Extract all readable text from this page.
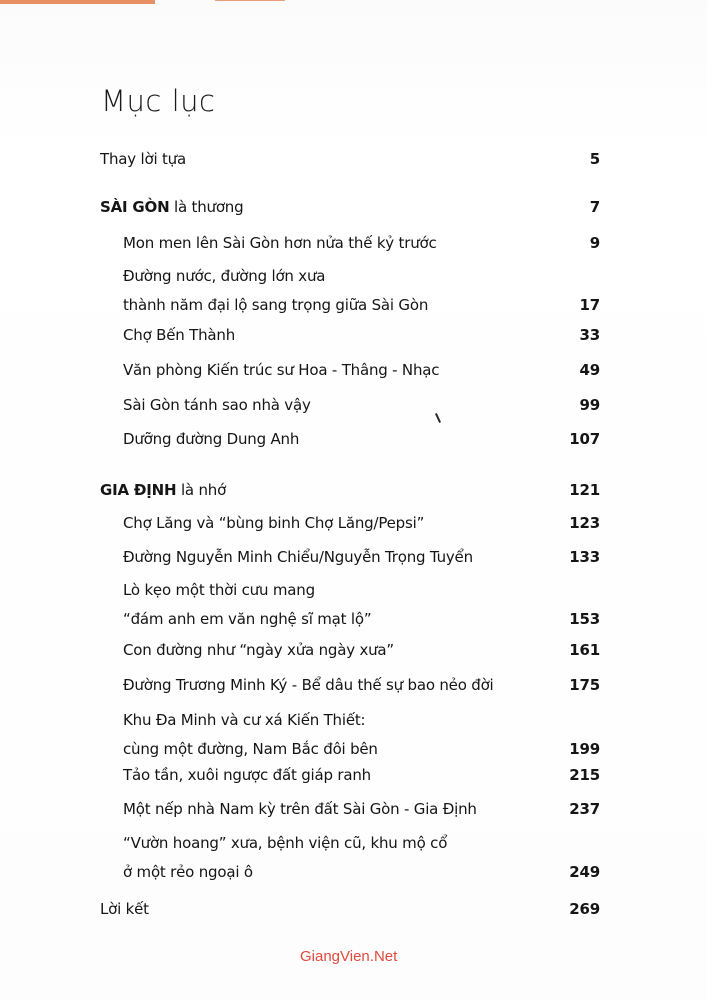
Mục lục
Thay lời tựa	5
SÀI GÒN là thương	7
Mon men lên Sài Gòn hơn nửa thế kỷ trước	9
Đường nước, đường lớn xưa
thành năm đại lộ sang trọng giữa Sài Gòn	17
Chợ Bến Thành	33
Văn phòng Kiến trúc sư Hoa - Thâng - Nhạc	49
Sài Gòn tánh sao nhà vậy	99
Dưỡng đường Dung Anh	107
GIA ĐỊNH là nhớ	121
Chợ Lăng và “bùng binh Chợ Lăng/Pepsi”	123
Đường Nguyễn Minh Chiểu/Nguyễn Trọng Tuyển	133
Lò kẹo một thời cưu mang
“đám anh em văn nghệ sĩ mạt lộ”	153
Con đường như “ngày xửa ngày xưa”	161
Đường Trương Minh Ký - Bể dâu thế sự bao nẻo đời	175
Khu Đa Minh và cư xá Kiến Thiết:
cùng một đường, Nam Bắc đôi bên	199
Tảo tần, xuôi ngược đất giáp ranh	215
Một nếp nhà Nam kỳ trên đất Sài Gòn - Gia Định	237
“Vườn hoang” xưa, bệnh viện cũ, khu mộ cổ
ở một rẻo ngoại ô	249
Lời kết	269
GiangVien.Net
